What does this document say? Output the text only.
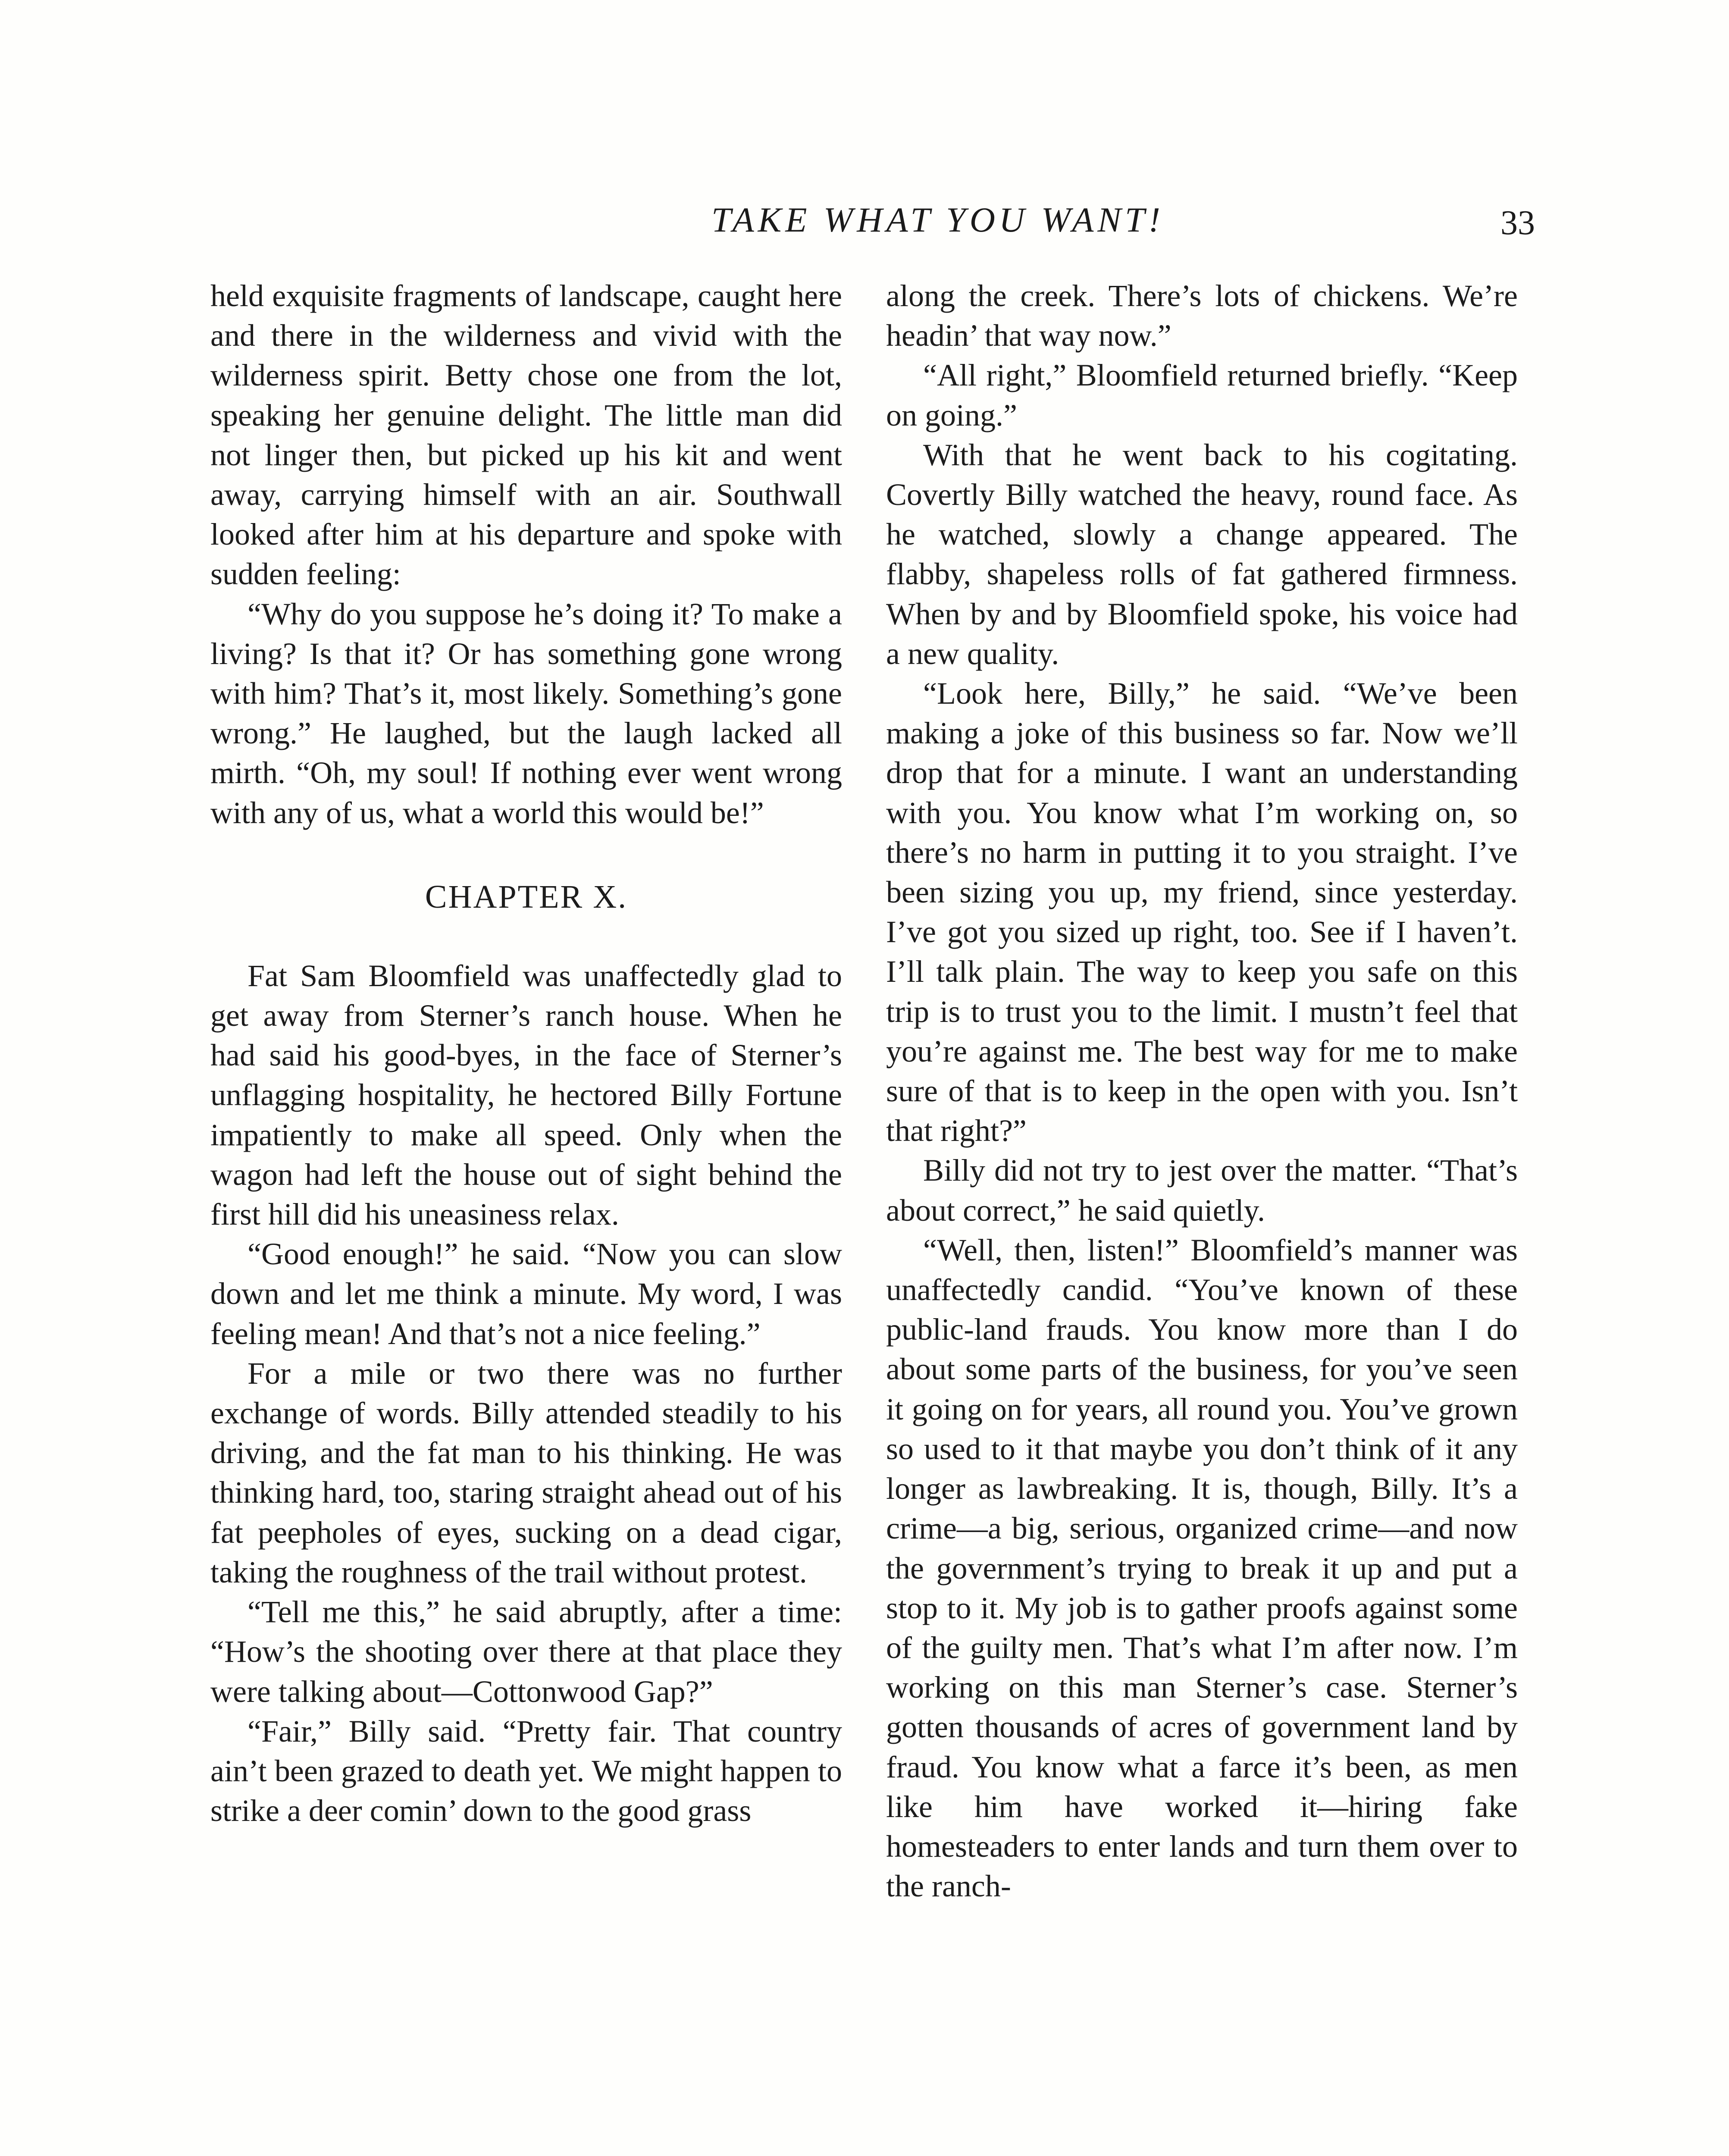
TAKE WHAT YOU WANT!	33

held exquisite fragments of landscape, caught here and there in the wilderness and vivid with the wilderness spirit. Betty chose one from the lot, speaking her genuine delight. The little man did not linger then, but picked up his kit and went away, carrying himself with an air. Southwall looked after him at his departure and spoke with sudden feeling:

“Why do you suppose he’s doing it? To make a living? Is that it? Or has something gone wrong with him? That’s it, most likely. Something’s gone wrong.” He laughed, but the laugh lacked all mirth. “Oh, my soul! If nothing ever went wrong with any of us, what a world this would be!”

CHAPTER X.

Fat Sam Bloomfield was unaffectedly glad to get away from Sterner’s ranch house. When he had said his good-byes, in the face of Sterner’s unflagging hospitality, he hectored Billy Fortune impatiently to make all speed. Only when the wagon had left the house out of sight behind the first hill did his uneasiness relax.

“Good enough!” he said. “Now you can slow down and let me think a minute. My word, I was feeling mean! And that’s not a nice feeling.”

For a mile or two there was no further exchange of words. Billy attended steadily to his driving, and the fat man to his thinking. He was thinking hard, too, staring straight ahead out of his fat peepholes of eyes, sucking on a dead cigar, taking the roughness of the trail without protest.

“Tell me this,” he said abruptly, after a time: “How’s the shooting over there at that place they were talking about—Cottonwood Gap?”

“Fair,” Billy said. “Pretty fair. That country ain’t been grazed to death yet. We might happen to strike a deer comin’ down to the good grass

along the creek. There’s lots of chickens. We’re headin’ that way now.”

“All right,” Bloomfield returned briefly. “Keep on going.”

With that he went back to his cogitating. Covertly Billy watched the heavy, round face. As he watched, slowly a change appeared. The flabby, shapeless rolls of fat gathered firmness. When by and by Bloomfield spoke, his voice had a new quality.

“Look here, Billy,” he said. “We’ve been making a joke of this business so far. Now we’ll drop that for a minute. I want an understanding with you. You know what I’m working on, so there’s no harm in putting it to you straight. I’ve been sizing you up, my friend, since yesterday. I’ve got you sized up right, too. See if I haven’t. I’ll talk plain. The way to keep you safe on this trip is to trust you to the limit. I mustn’t feel that you’re against me. The best way for me to make sure of that is to keep in the open with you. Isn’t that right?”

Billy did not try to jest over the matter. “That’s about correct,” he said quietly.

“Well, then, listen!” Bloomfield’s manner was unaffectedly candid. “You’ve known of these public-land frauds. You know more than I do about some parts of the business, for you’ve seen it going on for years, all round you. You’ve grown so used to it that maybe you don’t think of it any longer as lawbreaking. It is, though, Billy. It’s a crime—a big, serious, organized crime—and now the government’s trying to break it up and put a stop to it. My job is to gather proofs against some of the guilty men. That’s what I’m after now. I’m working on this man Sterner’s case. Sterner’s gotten thousands of acres of government land by fraud. You know what a farce it’s been, as men like him have worked it—hiring fake homesteaders to enter lands and turn them over to the ranch-
